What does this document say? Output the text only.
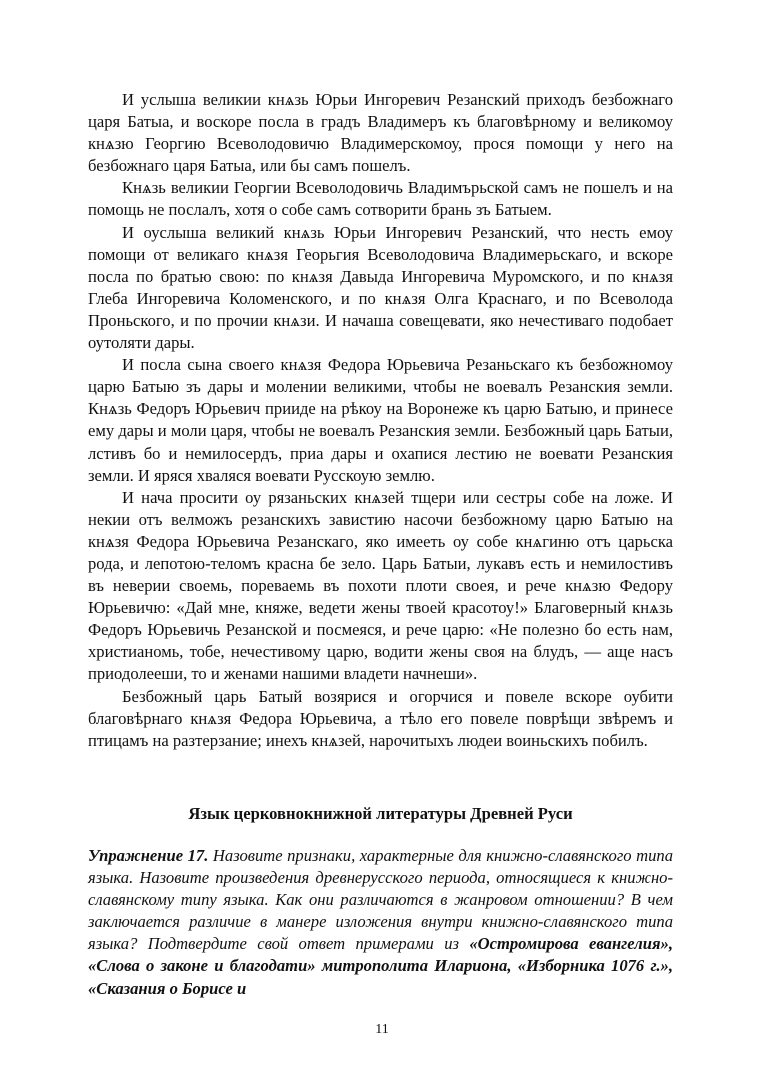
И услыша великии кнѧзь Юрьи Ингоревич Резанский приходъ безбожнаго царя Батыа, и воскоре посла в градъ Владимеръ къ благовѣрному и великомоу кнѧзю Георгию Всеволодовичю Владимерскомоу, прося помощи у него на безбожнаго царя Батыа, или бы самъ пошелъ.

Кнѧзь великии Георгии Всеволодовичь Владимърьской самъ не пошелъ и на помощь не послалъ, хотя о собе самъ сотворити брань зъ Батыем.

И оуслыша великий кнѧзь Юрьи Ингоревич Резанский, что несть емоу помощи от великаго кнѧзя Георьгия Всеволодовича Владимерьскаго, и вскоре посла по братью свою: по кнѧзя Давыда Ингоревича Муромского, и по кнѧзя Глеба Ингоревича Коломенского, и по кнѧзя Олга Краснаго, и по Всеволода Проньского, и по прочии кнѧзи. И начаша совещевати, яко нечестиваго подобает оутоляти дары.

И посла сына своего кнѧзя Федора Юрьевича Резаньскаго къ безбожномоу царю Батыю зъ дары и молении великими, чтобы не воевалъ Резанския земли. Кнѧзь Федоръ Юрьевич прииде на рѣкоу на Воронеже къ царю Батыю, и принесе ему дары и моли царя, чтобы не воевалъ Резанския земли. Безбожный царь Батыи, лстивъ бо и немилосердъ, приа дары и охапися лестию не воевати Резанския земли. И яряся хваляся воевати Русскоую землю.

И нача просити оу рязаньских кнѧзей тщери или сестры собе на ложе. И некии отъ велможъ резанскихъ завистию насочи безбожному царю Батыю на кнѧзя Федора Юрьевича Резанскаго, яко имееть оу собе кнѧгиню отъ царьска рода, и лепотою-теломъ красна бе зело. Царь Батыи, лукавъ есть и немилостивъ въ неверии своемь, пореваемь въ похоти плоти своея, и рече кнѧзю Федору Юрьевичю: «Дай мне, княже, ведети жены твоей красотоу!» Благоверный кнѧзь Федоръ Юрьевичь Резанской и посмеяся, и рече царю: «Не полезно бо есть нам, христианомь, тобе, нечестивому царю, водити жены своя на блудъ, — аще насъ приодолееши, то и женами нашими владети начнеши».

Безбожный царь Батый возярися и огорчися и повеле вскоре оубити благовѣрнаго кнѧзя Федора Юрьевича, а тѣло его повеле поврѣщи звѣремъ и птицамъ на разтерзание; инехъ кнѧзей, нарочитыхъ людеи воиньскихъ побилъ.

Язык церковнокнижной литературы Древней Руси

Упражнение 17. Назовите признаки, характерные для книжно-славянского типа языка. Назовите произведения древнерусского периода, относящиеся к книжно-славянскому типу языка. Как они различаются в жанровом отношении? В чем заключается различие в манере изложения внутри книжно-славянского типа языка? Подтвердите свой ответ примерами из «Остромирова евангелия», «Слова о законе и благодати» митрополита Илариона, «Изборника 1076 г.», «Сказания о Борисе и

11
